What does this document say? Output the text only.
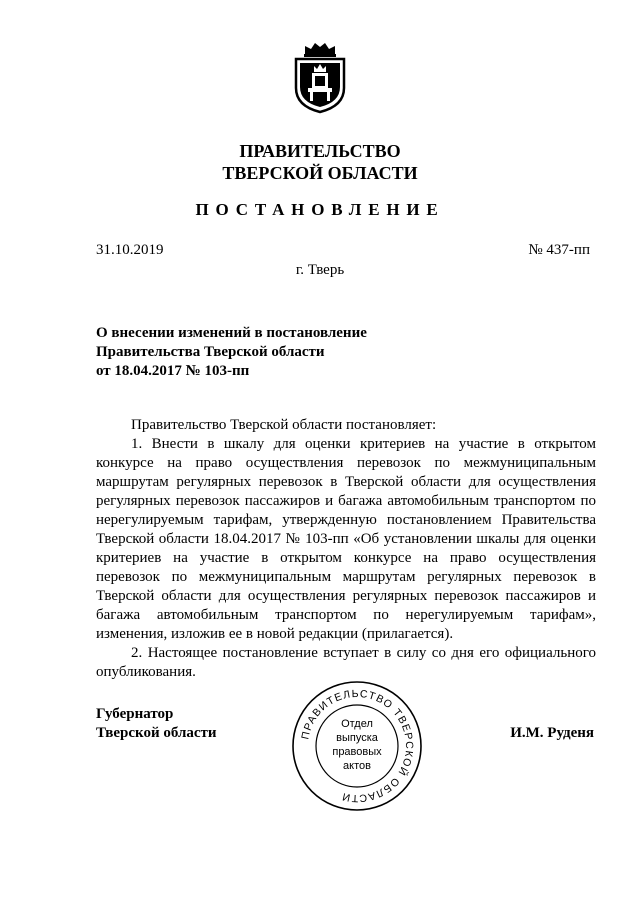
ПРАВИТЕЛЬСТВО
ТВЕРСКОЙ ОБЛАСТИ
ПОСТАНОВЛЕНИЕ
31.10.2019	№ 437-пп
г. Тверь
О внесении изменений в постановление
Правительства Тверской области
от 18.04.2017 № 103-пп

Правительство Тверской области постановляет:

1. Внести в шкалу для оценки критериев на участие в открытом конкурсе на право осуществления перевозок по межмуниципальным маршрутам регулярных перевозок в Тверской области для осуществления регулярных перевозок пассажиров и багажа автомобильным транспортом по нерегулируемым тарифам, утвержденную постановлением Правительства Тверской области 18.04.2017 № 103-пп «Об установлении шкалы для оценки критериев на участие в открытом конкурсе на право осуществления перевозок по межмуниципальным маршрутам регулярных перевозок в Тверской области для осуществления регулярных перевозок пассажиров и багажа автомобильным транспортом по нерегулируемым тарифам», изменения, изложив ее в новой редакции (прилагается).

2. Настоящее постановление вступает в силу со дня его официального опубликования.

Губернатор
Тверской области	И.М. Руденя
ПРАВИТЕЛЬСТВО ТВЕРСКОЙ ОБЛАСТИ
Отдел
выпуска
правовых
актов
